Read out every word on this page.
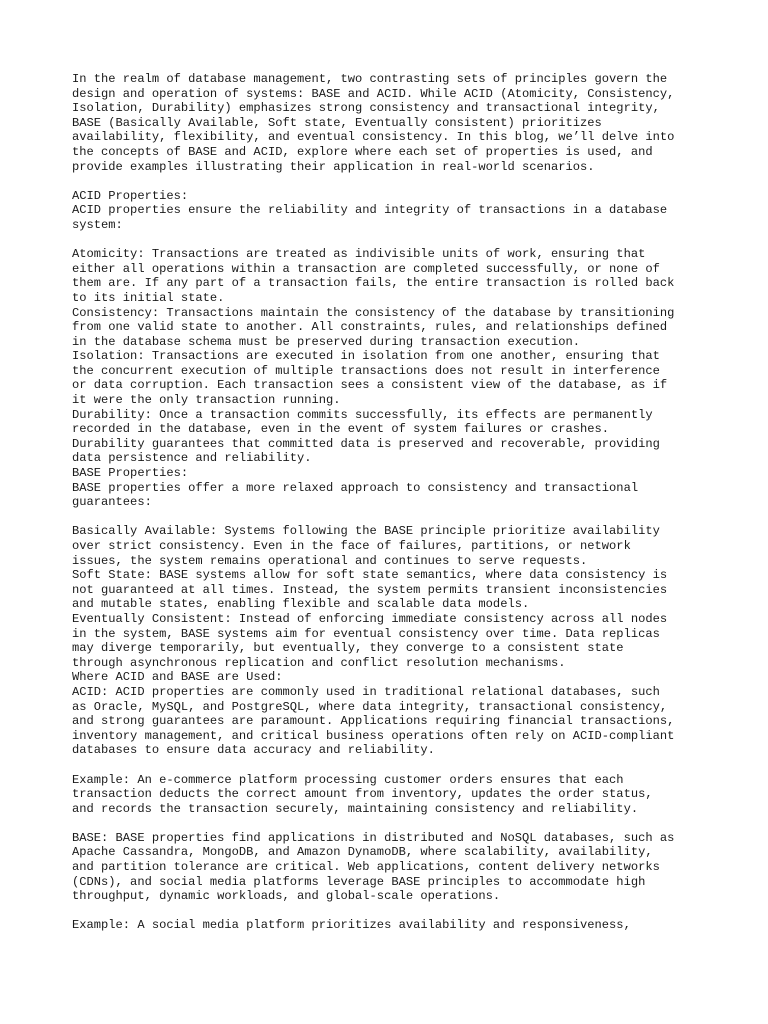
In the realm of database management, two contrasting sets of principles govern the
design and operation of systems: BASE and ACID. While ACID (Atomicity, Consistency,
Isolation, Durability) emphasizes strong consistency and transactional integrity,
BASE (Basically Available, Soft state, Eventually consistent) prioritizes
availability, flexibility, and eventual consistency. In this blog, we’ll delve into
the concepts of BASE and ACID, explore where each set of properties is used, and
provide examples illustrating their application in real-world scenarios.
ACID Properties:
ACID properties ensure the reliability and integrity of transactions in a database
system:
Atomicity: Transactions are treated as indivisible units of work, ensuring that
either all operations within a transaction are completed successfully, or none of
them are. If any part of a transaction fails, the entire transaction is rolled back
to its initial state.
Consistency: Transactions maintain the consistency of the database by transitioning
from one valid state to another. All constraints, rules, and relationships defined
in the database schema must be preserved during transaction execution.
Isolation: Transactions are executed in isolation from one another, ensuring that
the concurrent execution of multiple transactions does not result in interference
or data corruption. Each transaction sees a consistent view of the database, as if
it were the only transaction running.
Durability: Once a transaction commits successfully, its effects are permanently
recorded in the database, even in the event of system failures or crashes.
Durability guarantees that committed data is preserved and recoverable, providing
data persistence and reliability.
BASE Properties:
BASE properties offer a more relaxed approach to consistency and transactional
guarantees:
Basically Available: Systems following the BASE principle prioritize availability
over strict consistency. Even in the face of failures, partitions, or network
issues, the system remains operational and continues to serve requests.
Soft State: BASE systems allow for soft state semantics, where data consistency is
not guaranteed at all times. Instead, the system permits transient inconsistencies
and mutable states, enabling flexible and scalable data models.
Eventually Consistent: Instead of enforcing immediate consistency across all nodes
in the system, BASE systems aim for eventual consistency over time. Data replicas
may diverge temporarily, but eventually, they converge to a consistent state
through asynchronous replication and conflict resolution mechanisms.
Where ACID and BASE are Used:
ACID: ACID properties are commonly used in traditional relational databases, such
as Oracle, MySQL, and PostgreSQL, where data integrity, transactional consistency,
and strong guarantees are paramount. Applications requiring financial transactions,
inventory management, and critical business operations often rely on ACID-compliant
databases to ensure data accuracy and reliability.
Example: An e-commerce platform processing customer orders ensures that each
transaction deducts the correct amount from inventory, updates the order status,
and records the transaction securely, maintaining consistency and reliability.
BASE: BASE properties find applications in distributed and NoSQL databases, such as
Apache Cassandra, MongoDB, and Amazon DynamoDB, where scalability, availability,
and partition tolerance are critical. Web applications, content delivery networks
(CDNs), and social media platforms leverage BASE principles to accommodate high
throughput, dynamic workloads, and global-scale operations.
Example: A social media platform prioritizes availability and responsiveness,
